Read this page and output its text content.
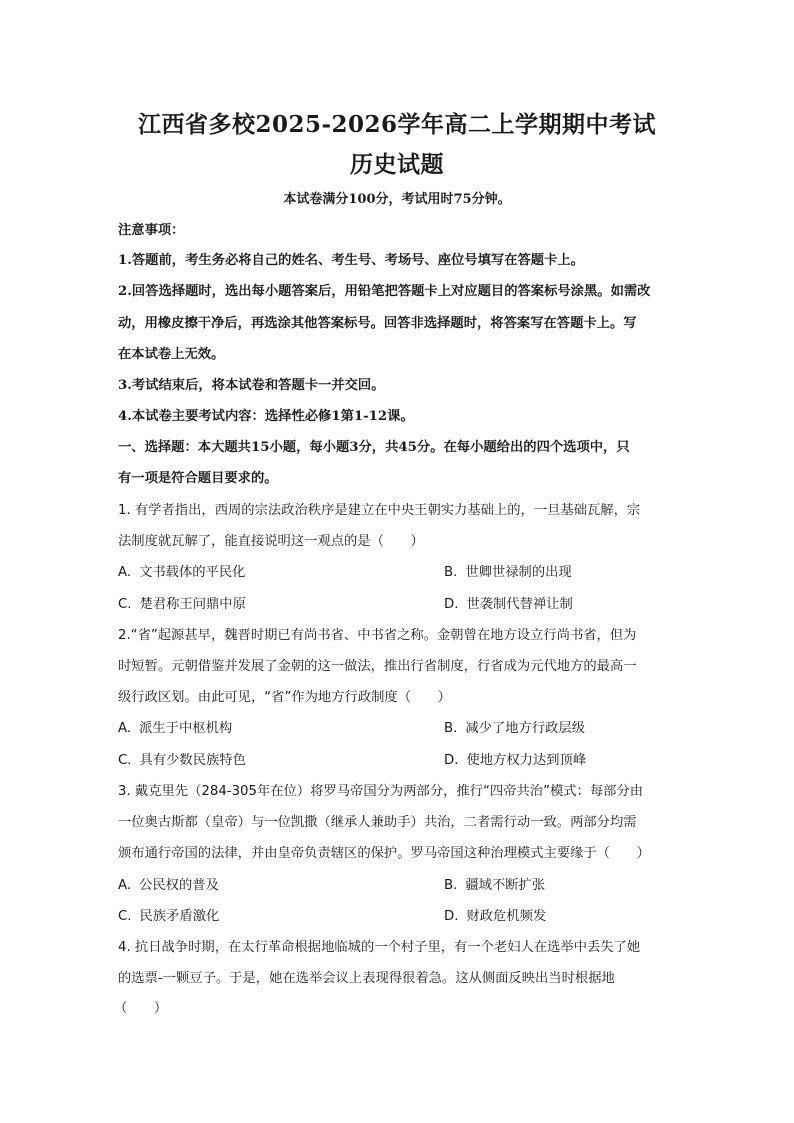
江西省多校2025-2026学年高二上学期期中考试
历史试题
本试卷满分100分，考试用时75分钟。
注意事项：
1.答题前，考生务必将自己的姓名、考生号、考场号、座位号填写在答题卡上。
2.回答选择题时，选出每小题答案后，用铅笔把答题卡上对应题目的答案标号涂黑。如需改
动，用橡皮擦干净后，再选涂其他答案标号。回答非选择题时，将答案写在答题卡上。写
在本试卷上无效。
3.考试结束后，将本试卷和答题卡一并交回。
4.本试卷主要考试内容：选择性必修1第1-12课。
一、选择题：本大题共15小题，每小题3分，共45分。在每小题给出的四个选项中，只
有一项是符合题目要求的。
1. 有学者指出，西周的宗法政治秩序是建立在中央王朝实力基础上的，一旦基础瓦解，宗
法制度就瓦解了，能直接说明这一观点的是（　　）
A. 文书载体的平民化	B. 世卿世禄制的出现
C. 楚君称王问鼎中原	D. 世袭制代替禅让制
2.“省”起源甚早，魏晋时期已有尚书省、中书省之称。金朝曾在地方设立行尚书省，但为
时短暂。元朝借鉴并发展了金朝的这一做法，推出行省制度，行省成为元代地方的最高一
级行政区划。由此可见，“省”作为地方行政制度（　　）
A. 派生于中枢机构	B. 减少了地方行政层级
C. 具有少数民族特色	D. 使地方权力达到顶峰
3. 戴克里先（284-305年在位）将罗马帝国分为两部分，推行“四帝共治”模式：每部分由
一位奥古斯都（皇帝）与一位凯撒（继承人兼助手）共治，二者需行动一致。两部分均需
颁布通行帝国的法律，并由皇帝负责辖区的保护。罗马帝国这种治理模式主要缘于（　　）
A. 公民权的普及	B. 疆域不断扩张
C. 民族矛盾激化	D. 财政危机频发
4. 抗日战争时期，在太行革命根据地临城的一个村子里，有一个老妇人在选举中丢失了她
的选票-一颗豆子。于是，她在选举会议上表现得很着急。这从侧面反映出当时根据地
（　　）
